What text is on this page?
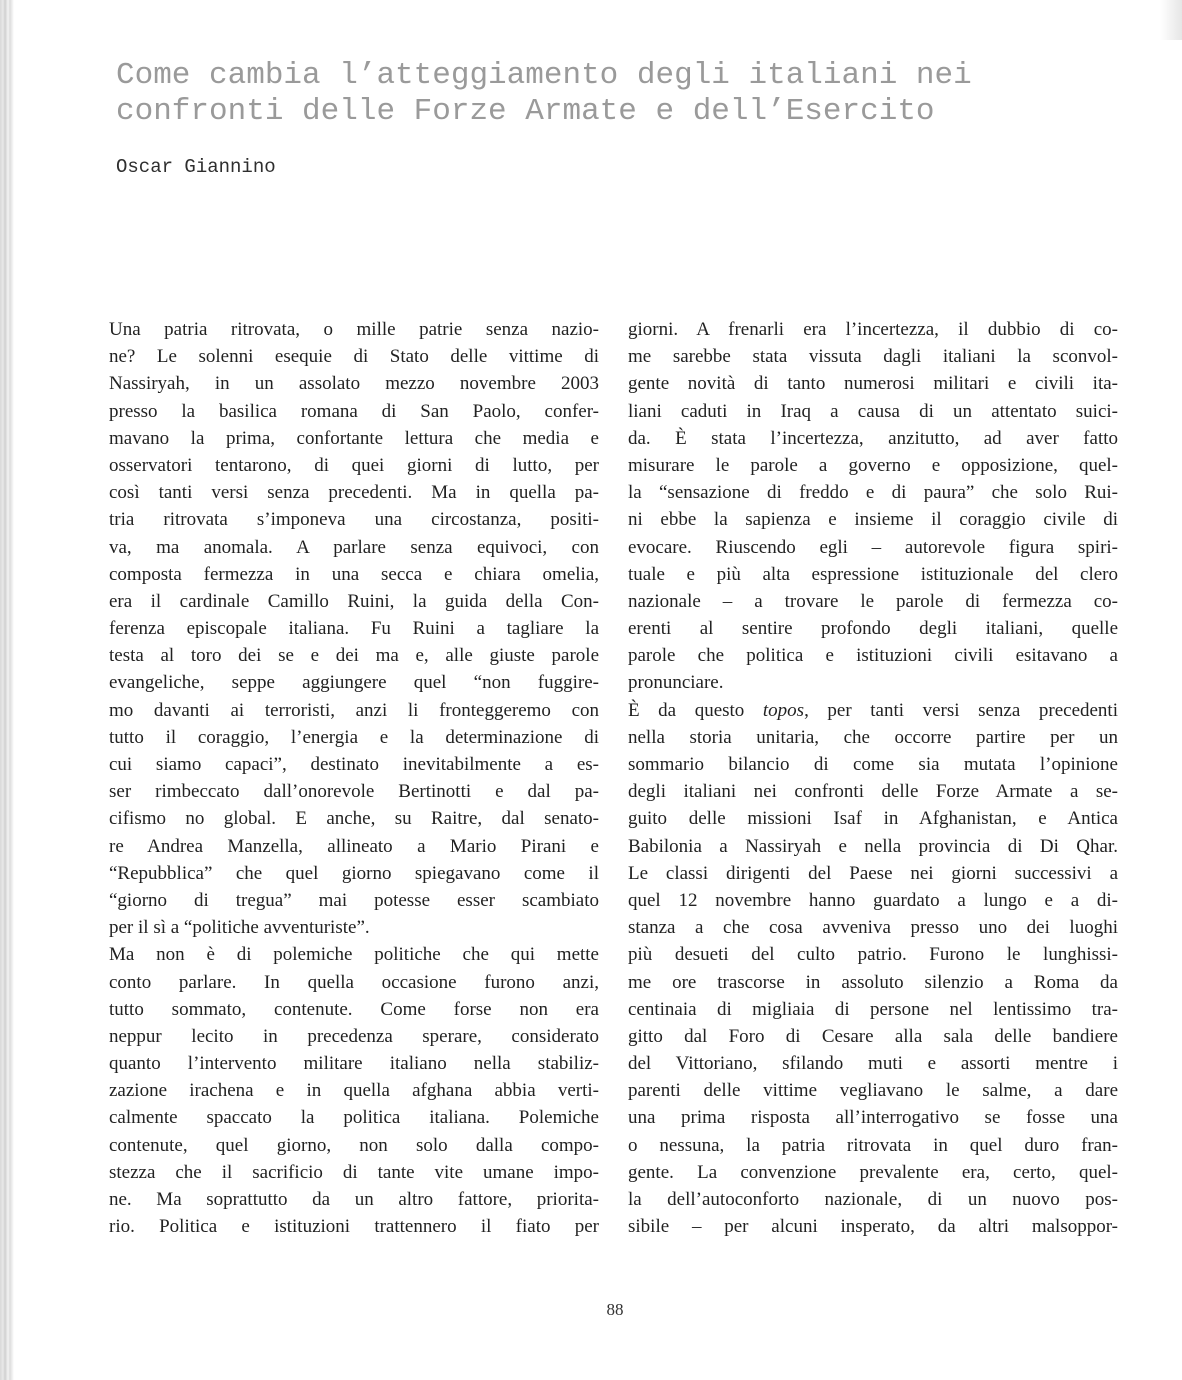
Come cambia l’atteggiamento degli italiani nei
confronti delle Forze Armate e dell’Esercito

Oscar Giannino

Una patria ritrovata, o mille patrie senza nazio-
ne? Le solenni esequie di Stato delle vittime di
Nassiryah, in un assolato mezzo novembre 2003
presso la basilica romana di San Paolo, confer-
mavano la prima, confortante lettura che media e
osservatori tentarono, di quei giorni di lutto, per
così tanti versi senza precedenti. Ma in quella pa-
tria ritrovata s’imponeva una circostanza, positi-
va, ma anomala. A parlare senza equivoci, con
composta fermezza in una secca e chiara omelia,
era il cardinale Camillo Ruini, la guida della Con-
ferenza episcopale italiana. Fu Ruini a tagliare la
testa al toro dei se e dei ma e, alle giuste parole
evangeliche, seppe aggiungere quel “non fuggire-
mo davanti ai terroristi, anzi li fronteggeremo con
tutto il coraggio, l’energia e la determinazione di
cui siamo capaci”, destinato inevitabilmente a es-
ser rimbeccato dall’onorevole Bertinotti e dal pa-
cifismo no global. E anche, su Raitre, dal senato-
re Andrea Manzella, allineato a Mario Pirani e
“Repubblica” che quel giorno spiegavano come il
“giorno di tregua” mai potesse esser scambiato
per il sì a “politiche avventuriste”.
Ma non è di polemiche politiche che qui mette
conto parlare. In quella occasione furono anzi,
tutto sommato, contenute. Come forse non era
neppur lecito in precedenza sperare, considerato
quanto l’intervento militare italiano nella stabiliz-
zazione irachena e in quella afghana abbia verti-
calmente spaccato la politica italiana. Polemiche
contenute, quel giorno, non solo dalla compo-
stezza che il sacrificio di tante vite umane impo-
ne. Ma soprattutto da un altro fattore, priorita-
rio. Politica e istituzioni trattennero il fiato per
giorni. A frenarli era l’incertezza, il dubbio di co-
me sarebbe stata vissuta dagli italiani la sconvol-
gente novità di tanto numerosi militari e civili ita-
liani caduti in Iraq a causa di un attentato suici-
da. È stata l’incertezza, anzitutto, ad aver fatto
misurare le parole a governo e opposizione, quel-
la “sensazione di freddo e di paura” che solo Rui-
ni ebbe la sapienza e insieme il coraggio civile di
evocare. Riuscendo egli – autorevole figura spiri-
tuale e più alta espressione istituzionale del clero
nazionale – a trovare le parole di fermezza co-
erenti al sentire profondo degli italiani, quelle
parole che politica e istituzioni civili esitavano a
pronunciare.
È da questo topos, per tanti versi senza precedenti
nella storia unitaria, che occorre partire per un
sommario bilancio di come sia mutata l’opinione
degli italiani nei confronti delle Forze Armate a se-
guito delle missioni Isaf in Afghanistan, e Antica
Babilonia a Nassiryah e nella provincia di Di Qhar.
Le classi dirigenti del Paese nei giorni successivi a
quel 12 novembre hanno guardato a lungo e a di-
stanza a che cosa avveniva presso uno dei luoghi
più desueti del culto patrio. Furono le lunghissi-
me ore trascorse in assoluto silenzio a Roma da
centinaia di migliaia di persone nel lentissimo tra-
gitto dal Foro di Cesare alla sala delle bandiere
del Vittoriano, sfilando muti e assorti mentre i
parenti delle vittime vegliavano le salme, a dare
una prima risposta all’interrogativo se fosse una
o nessuna, la patria ritrovata in quel duro fran-
gente. La convenzione prevalente era, certo, quel-
la dell’autoconforto nazionale, di un nuovo pos-
sibile – per alcuni insperato, da altri malsoppor-
88
